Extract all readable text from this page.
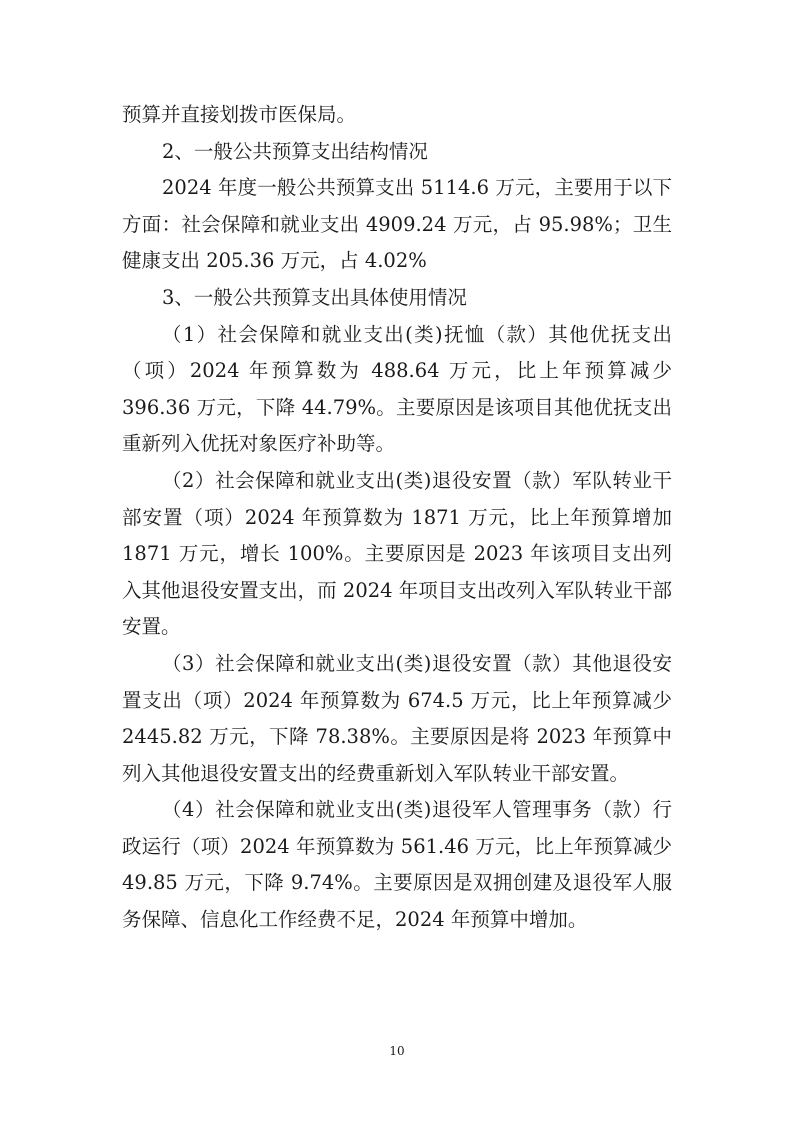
预算并直接划拨市医保局。

2、一般公共预算支出结构情况

2024 年度一般公共预算支出 5114.6 万元，主要用于以下方面：社会保障和就业支出 4909.24 万元，占 95.98%；卫生健康支出 205.36 万元，占 4.02%

3、一般公共预算支出具体使用情况

（1）社会保障和就业支出(类)抚恤（款）其他优抚支出（项）2024 年预算数为 488.64 万元，比上年预算减少 396.36 万元，下降 44.79%。主要原因是该项目其他优抚支出重新列入优抚对象医疗补助等。

（2）社会保障和就业支出(类)退役安置（款）军队转业干部安置（项）2024 年预算数为 1871 万元，比上年预算增加 1871 万元，增长 100%。主要原因是 2023 年该项目支出列入其他退役安置支出，而 2024 年项目支出改列入军队转业干部安置。

（3）社会保障和就业支出(类)退役安置（款）其他退役安置支出（项）2024 年预算数为 674.5 万元，比上年预算减少 2445.82 万元，下降 78.38%。主要原因是将 2023 年预算中列入其他退役安置支出的经费重新划入军队转业干部安置。

（4）社会保障和就业支出(类)退役军人管理事务（款）行政运行（项）2024 年预算数为 561.46 万元，比上年预算减少 49.85 万元，下降 9.74%。主要原因是双拥创建及退役军人服务保障、信息化工作经费不足，2024 年预算中增加。

10
